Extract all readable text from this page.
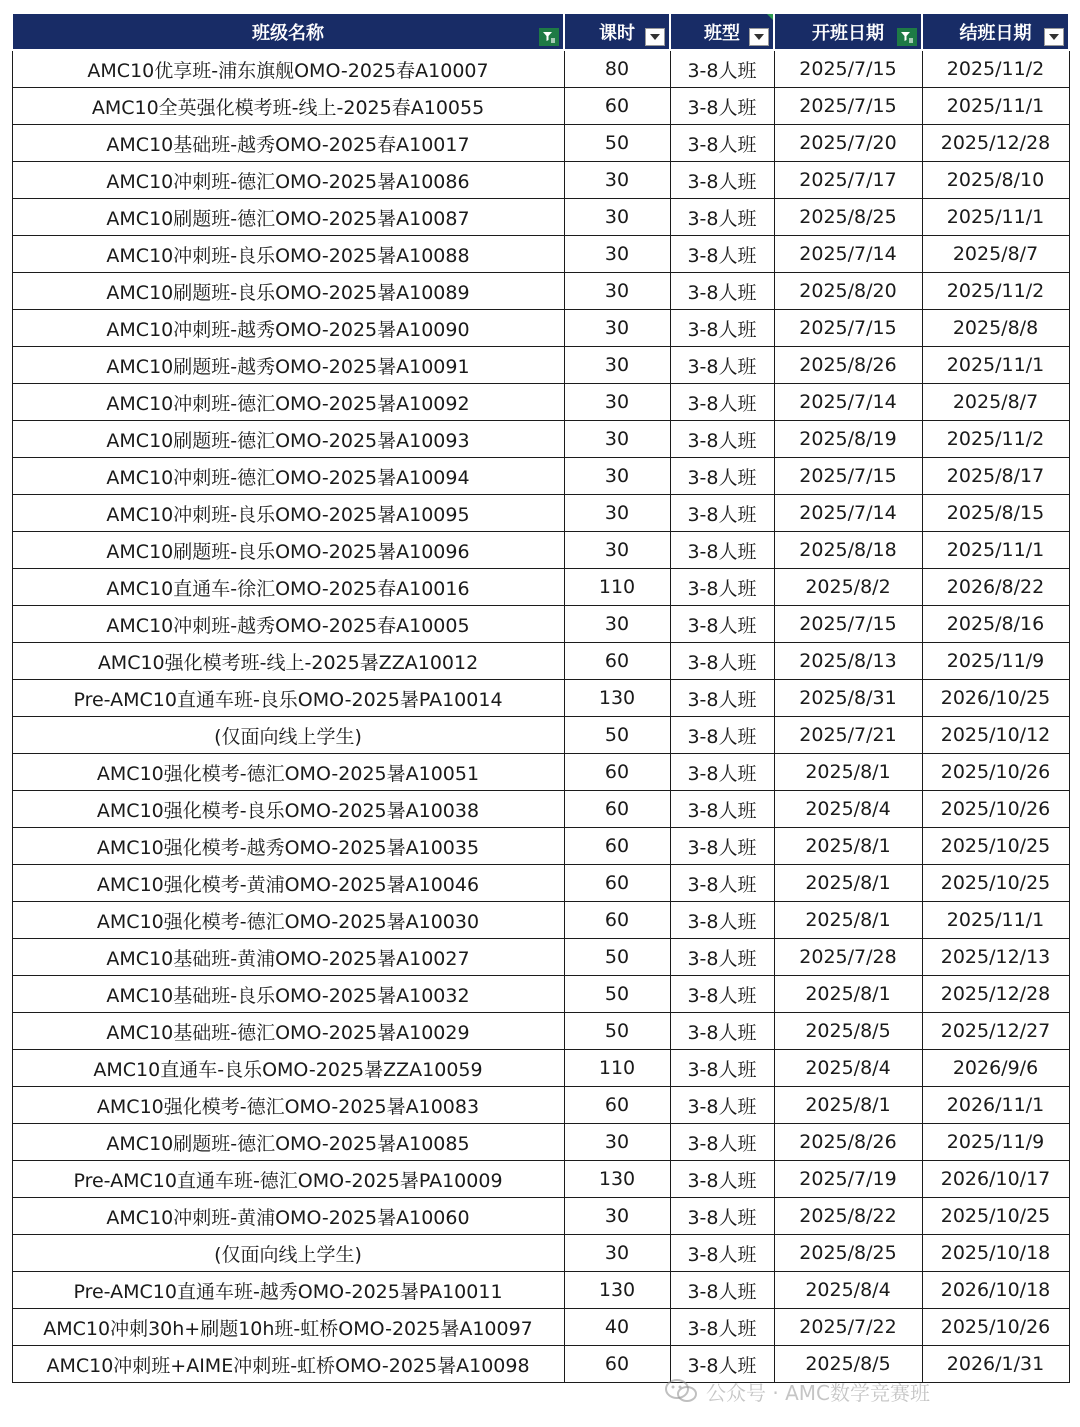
班级名称	课时	班型	开班日期	结班日期

AMC10优享班-浦东旗舰OMO-2025春A10007	80	3-8人班	2025/7/15	2025/11/2
AMC10全英强化模考班-线上-2025春A10055	60	3-8人班	2025/7/15	2025/11/1
AMC10基础班-越秀OMO-2025春A10017	50	3-8人班	2025/7/20	2025/12/28
AMC10冲刺班-德汇OMO-2025暑A10086	30	3-8人班	2025/7/17	2025/8/10
AMC10刷题班-德汇OMO-2025暑A10087	30	3-8人班	2025/8/25	2025/11/1
AMC10冲刺班-良乐OMO-2025暑A10088	30	3-8人班	2025/7/14	2025/8/7
AMC10刷题班-良乐OMO-2025暑A10089	30	3-8人班	2025/8/20	2025/11/2
AMC10冲刺班-越秀OMO-2025暑A10090	30	3-8人班	2025/7/15	2025/8/8
AMC10刷题班-越秀OMO-2025暑A10091	30	3-8人班	2025/8/26	2025/11/1
AMC10冲刺班-德汇OMO-2025暑A10092	30	3-8人班	2025/7/14	2025/8/7
AMC10刷题班-德汇OMO-2025暑A10093	30	3-8人班	2025/8/19	2025/11/2
AMC10冲刺班-德汇OMO-2025暑A10094	30	3-8人班	2025/7/15	2025/8/17
AMC10冲刺班-良乐OMO-2025暑A10095	30	3-8人班	2025/7/14	2025/8/15
AMC10刷题班-良乐OMO-2025暑A10096	30	3-8人班	2025/8/18	2025/11/1
AMC10直通车-徐汇OMO-2025春A10016	110	3-8人班	2025/8/2	2026/8/22
AMC10冲刺班-越秀OMO-2025春A10005	30	3-8人班	2025/7/15	2025/8/16
AMC10强化模考班-线上-2025暑ZZA10012	60	3-8人班	2025/8/13	2025/11/9
Pre-AMC10直通车班-良乐OMO-2025暑PA10014	130	3-8人班	2025/8/31	2026/10/25
(仅面向线上学生)	50	3-8人班	2025/7/21	2025/10/12
AMC10强化模考-德汇OMO-2025暑A10051	60	3-8人班	2025/8/1	2025/10/26
AMC10强化模考-良乐OMO-2025暑A10038	60	3-8人班	2025/8/4	2025/10/26
AMC10强化模考-越秀OMO-2025暑A10035	60	3-8人班	2025/8/1	2025/10/25
AMC10强化模考-黄浦OMO-2025暑A10046	60	3-8人班	2025/8/1	2025/10/25
AMC10强化模考-德汇OMO-2025暑A10030	60	3-8人班	2025/8/1	2025/11/1
AMC10基础班-黄浦OMO-2025暑A10027	50	3-8人班	2025/7/28	2025/12/13
AMC10基础班-良乐OMO-2025暑A10032	50	3-8人班	2025/8/1	2025/12/28
AMC10基础班-德汇OMO-2025暑A10029	50	3-8人班	2025/8/5	2025/12/27
AMC10直通车-良乐OMO-2025暑ZZA10059	110	3-8人班	2025/8/4	2026/9/6
AMC10强化模考-德汇OMO-2025暑A10083	60	3-8人班	2025/8/1	2026/11/1
AMC10刷题班-德汇OMO-2025暑A10085	30	3-8人班	2025/8/26	2025/11/9
Pre-AMC10直通车班-德汇OMO-2025暑PA10009	130	3-8人班	2025/7/19	2026/10/17
AMC10冲刺班-黄浦OMO-2025暑A10060	30	3-8人班	2025/8/22	2025/10/25
(仅面向线上学生)	30	3-8人班	2025/8/25	2025/10/18
Pre-AMC10直通车班-越秀OMO-2025暑PA10011	130	3-8人班	2025/8/4	2026/10/18
AMC10冲刺30h+刷题10h班-虹桥OMO-2025暑A10097	40	3-8人班	2025/7/22	2025/10/26
AMC10冲刺班+AIME冲刺班-虹桥OMO-2025暑A10098	60	3-8人班	2025/8/5	2026/1/31
公众号 · AMC数学竞赛班
